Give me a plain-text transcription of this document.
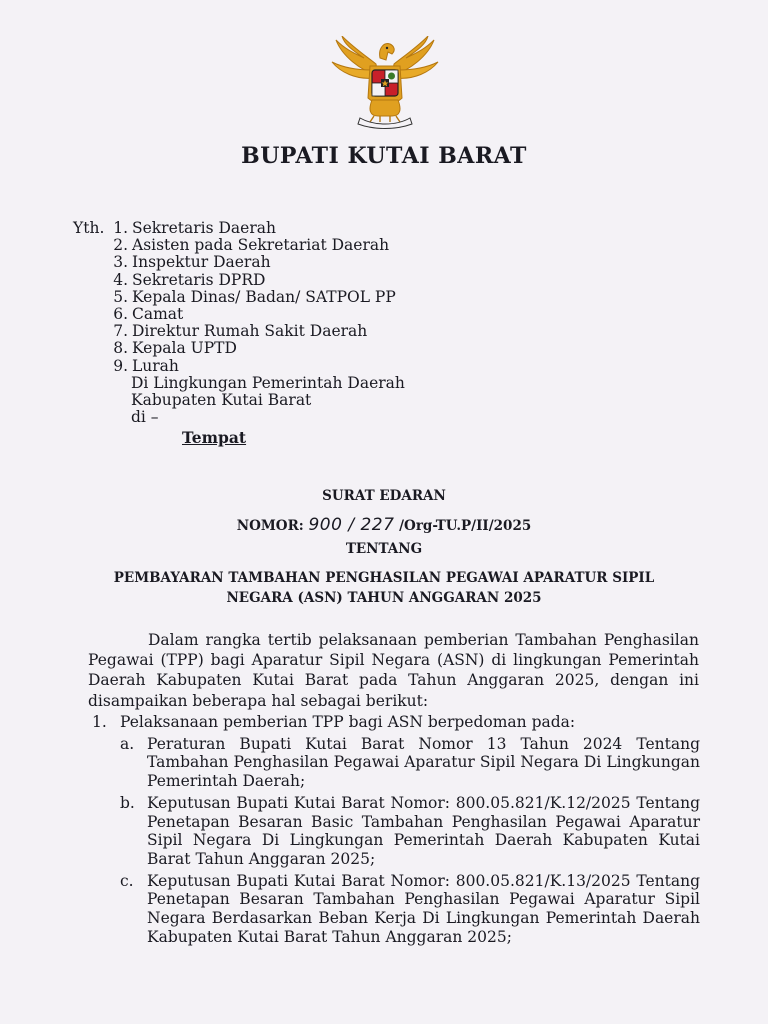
BUPATI KUTAI BARAT
Yth. 1. Sekretaris Daerah
2. Asisten pada Sekretariat Daerah
3. Inspektur Daerah
4. Sekretaris DPRD
5. Kepala Dinas/ Badan/ SATPOL PP
6. Camat
7. Direktur Rumah Sakit Daerah
8. Kepala UPTD
9. Lurah
Di Lingkungan Pemerintah Daerah
Kabupaten Kutai Barat
di –
Tempat
SURAT EDARAN
NOMOR: 900 / 227 /Org-TU.P/II/2025
TENTANG
PEMBAYARAN TAMBAHAN PENGHASILAN PEGAWAI APARATUR SIPIL
NEGARA (ASN) TAHUN ANGGARAN 2025

Dalam rangka tertib pelaksanaan pemberian Tambahan Penghasilan Pegawai (TPP) bagi Aparatur Sipil Negara (ASN) di lingkungan Pemerintah Daerah Kabupaten Kutai Barat pada Tahun Anggaran 2025, dengan ini disampaikan beberapa hal sebagai berikut:

1. Pelaksanaan pemberian TPP bagi ASN berpedoman pada:
a. Peraturan Bupati Kutai Barat Nomor 13 Tahun 2024 Tentang Tambahan Penghasilan Pegawai Aparatur Sipil Negara Di Lingkungan Pemerintah Daerah;
b. Keputusan Bupati Kutai Barat Nomor: 800.05.821/K.12/2025 Tentang Penetapan Besaran Basic Tambahan Penghasilan Pegawai Aparatur Sipil Negara Di Lingkungan Pemerintah Daerah Kabupaten Kutai Barat Tahun Anggaran 2025;
c. Keputusan Bupati Kutai Barat Nomor: 800.05.821/K.13/2025 Tentang Penetapan Besaran Tambahan Penghasilan Pegawai Aparatur Sipil Negara Berdasarkan Beban Kerja Di Lingkungan Pemerintah Daerah Kabupaten Kutai Barat Tahun Anggaran 2025;
